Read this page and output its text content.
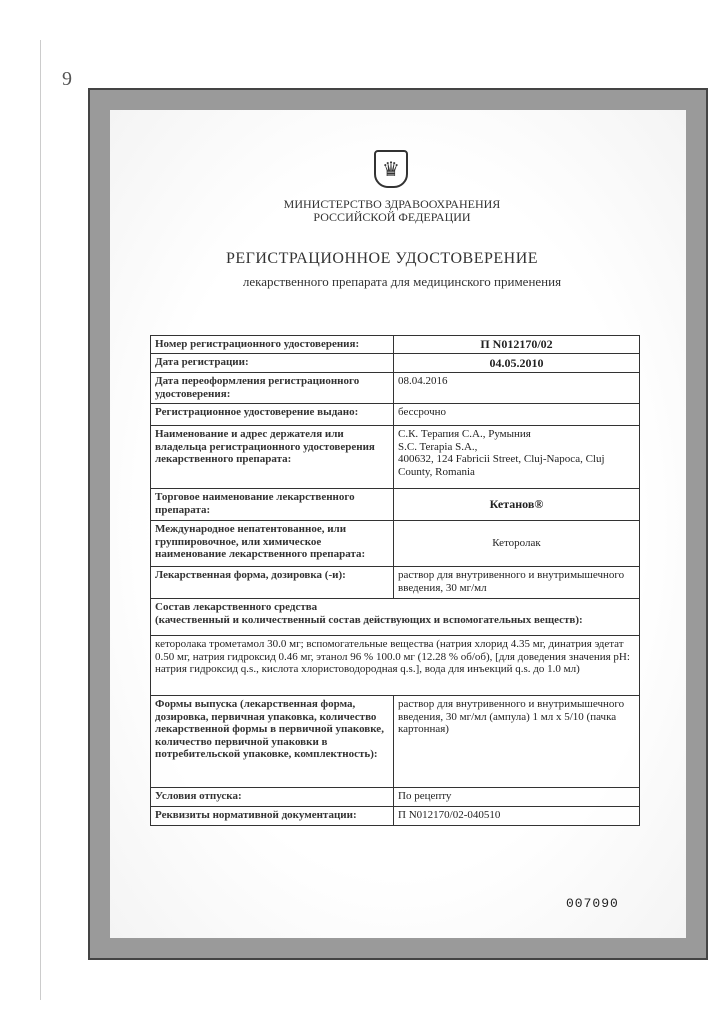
9
♛
МИНИСТЕРСТВО ЗДРАВООХРАНЕНИЯ
РОССИЙСКОЙ ФЕДЕРАЦИИ
РЕГИСТРАЦИОННОЕ УДОСТОВЕРЕНИЕ
лекарственного препарата для медицинского применения
Номер регистрационного удостоверения:	П N012170/02
Дата регистрации:	04.05.2010
Дата переоформления регистрационного удостоверения:	08.04.2016
Регистрационное удостоверение выдано:	бессрочно
Наименование и адрес держателя или владельца регистрационного удостоверения лекарственного препарата:	С.К. Терапия С.А., Румыния
S.C. Terapia S.A.,
400632, 124 Fabricii Street, Cluj-Napoca, Cluj County, Romania

Торговое наименование лекарственного препарата:	Кетанов®
Международное непатентованное, или группировочное, или химическое наименование лекарственного препарата:	Кеторолак
Лекарственная форма, дозировка (-и):	раствор для внутривенного и внутримышечного введения, 30 мг/мл

Состав лекарственного средства
(качественный и количественный состав действующих и вспомогательных веществ):	

кеторолака трометамол 30.0 мг; вспомогательные вещества (натрия хлорид 4.35 мг, динатрия эдетат 0.50 мг, натрия гидроксид 0.46 мг, этанол 96 % 100.0 мг (12.28 % об/об), [для доведения значения pH: натрия гидроксид q.s., кислота хлористоводородная q.s.], вода для инъекций q.s. до 1.0 мл)	
Формы выпуска (лекарственная форма, дозировка, первичная упаковка, количество лекарственной формы в первичной упаковке, количество первичной упаковки в потребительской упаковке, комплектность):	раствор для внутривенного и внутримышечного введения, 30 мг/мл (ампула) 1 мл x 5/10 (пачка картонная)
Условия отпуска:	По рецепту
Реквизиты нормативной документации:	П N012170/02-040510
007090
